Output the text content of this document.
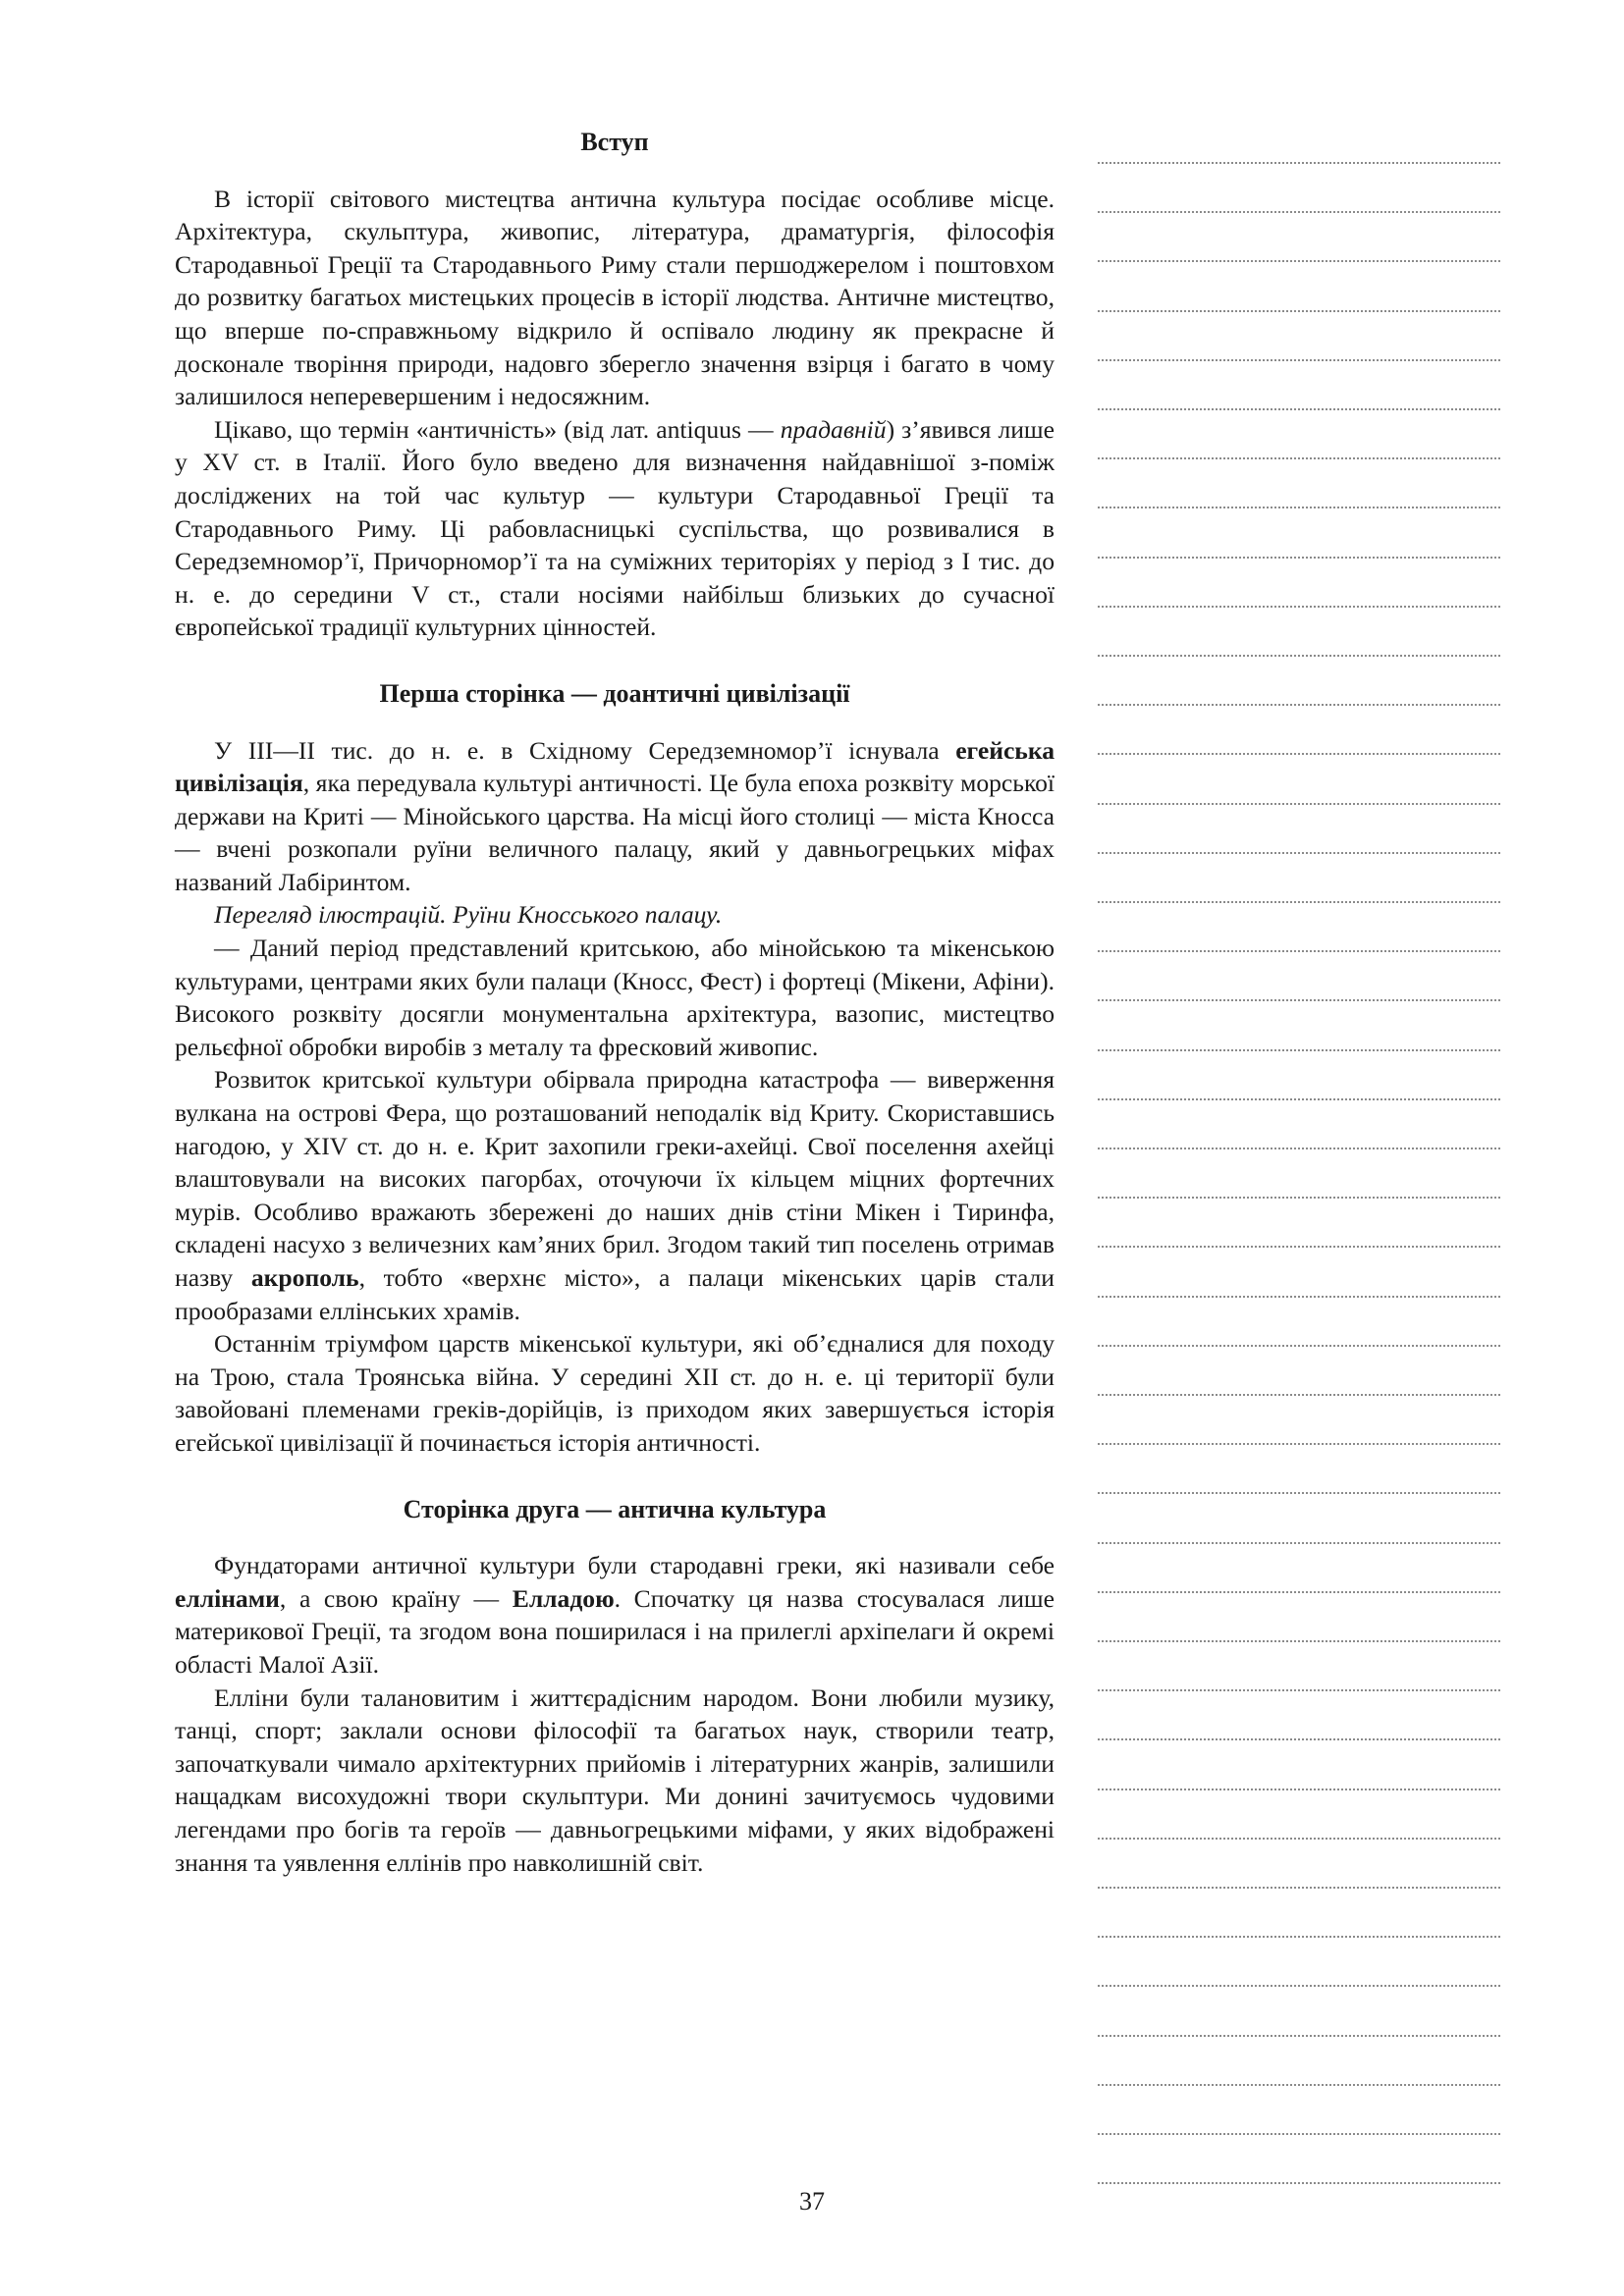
Вступ

В історії світового мистецтва антична культура посідає особливе місце. Архітектура, скульптура, живопис, література, драматургія, філософія Стародавньої Греції та Стародавнього Риму стали першоджерелом і поштовхом до розвитку багатьох мистецьких процесів в історії людства. Античне мистецтво, що вперше по-справжньому відкрило й оспівало людину як прекрасне й досконале творіння природи, надовго зберегло значення взірця і багато в чому залишилося неперевершеним і недосяжним.

Цікаво, що термін «античність» (від лат. antiquus — прадавній) з’явився лише у XV ст. в Італії. Його було введено для визначення найдавнішої з-поміж досліджених на той час культур — культури Стародавньої Греції та Стародавнього Риму. Ці рабовласницькі суспільства, що розвивалися в Середземномор’ї, Причорномор’ї та на суміжних територіях у період з I тис. до н. е. до середини V ст., стали носіями найбільш близьких до сучасної європейської традиції культурних цінностей.

Перша сторінка — доантичні цивілізації

У III—II тис. до н. е. в Східному Середземномор’ї існувала егейська цивілізація, яка передувала культурі античності. Це була епоха розквіту морської держави на Криті — Мінойського царства. На місці його столиці — міста Кносса — вчені розкопали руїни величного палацу, який у давньогрецьких міфах названий Лабіринтом.

Перегляд ілюстрацій. Руїни Кносського палацу.

— Даний період представлений критською, або мінойською та мікенською культурами, центрами яких були палаци (Кносс, Фест) і фортеці (Мікени, Афіни). Високого розквіту досягли монументальна архітектура, вазопис, мистецтво рельєфної обробки виробів з металу та фресковий живопис.

Розвиток критської культури обірвала природна катастрофа — виверження вулкана на острові Фера, що розташований неподалік від Криту. Скориставшись нагодою, у XIV ст. до н. е. Крит захопили греки-ахейці. Свої поселення ахейці влаштовували на високих пагорбах, оточуючи їх кільцем міцних фортечних мурів. Особливо вражають збережені до наших днів стіни Мікен і Тиринфа, складені насухо з величезних кам’яних брил. Згодом такий тип поселень отримав назву акрополь, тобто «верхнє місто», а палаци мікенських царів стали прообразами еллінських храмів.

Останнім тріумфом царств мікенської культури, які об’єдналися для походу на Трою, стала Троянська війна. У середині XII ст. до н. е. ці території були завойовані племенами греків-дорійців, із приходом яких завершується історія егейської цивілізації й починається історія античності.

Сторінка друга — антична культура

Фундаторами античної культури були стародавні греки, які називали себе еллінами, а свою країну — Елладою. Спочатку ця назва стосувалася лише материкової Греції, та згодом вона поширилася і на прилеглі архіпелаги й окремі області Малої Азії.

Елліни були талановитим і життєрадісним народом. Вони любили музику, танці, спорт; заклали основи філософії та багатьох наук, створили театр, започаткували чимало архітектурних прийомів і літературних жанрів, залишили нащадкам висохудожні твори скульптури. Ми донині зачитуємось чудовими легендами про богів та героїв — давньогрецькими міфами, у яких відображені знання та уявлення еллінів про навколишній світ.

37
